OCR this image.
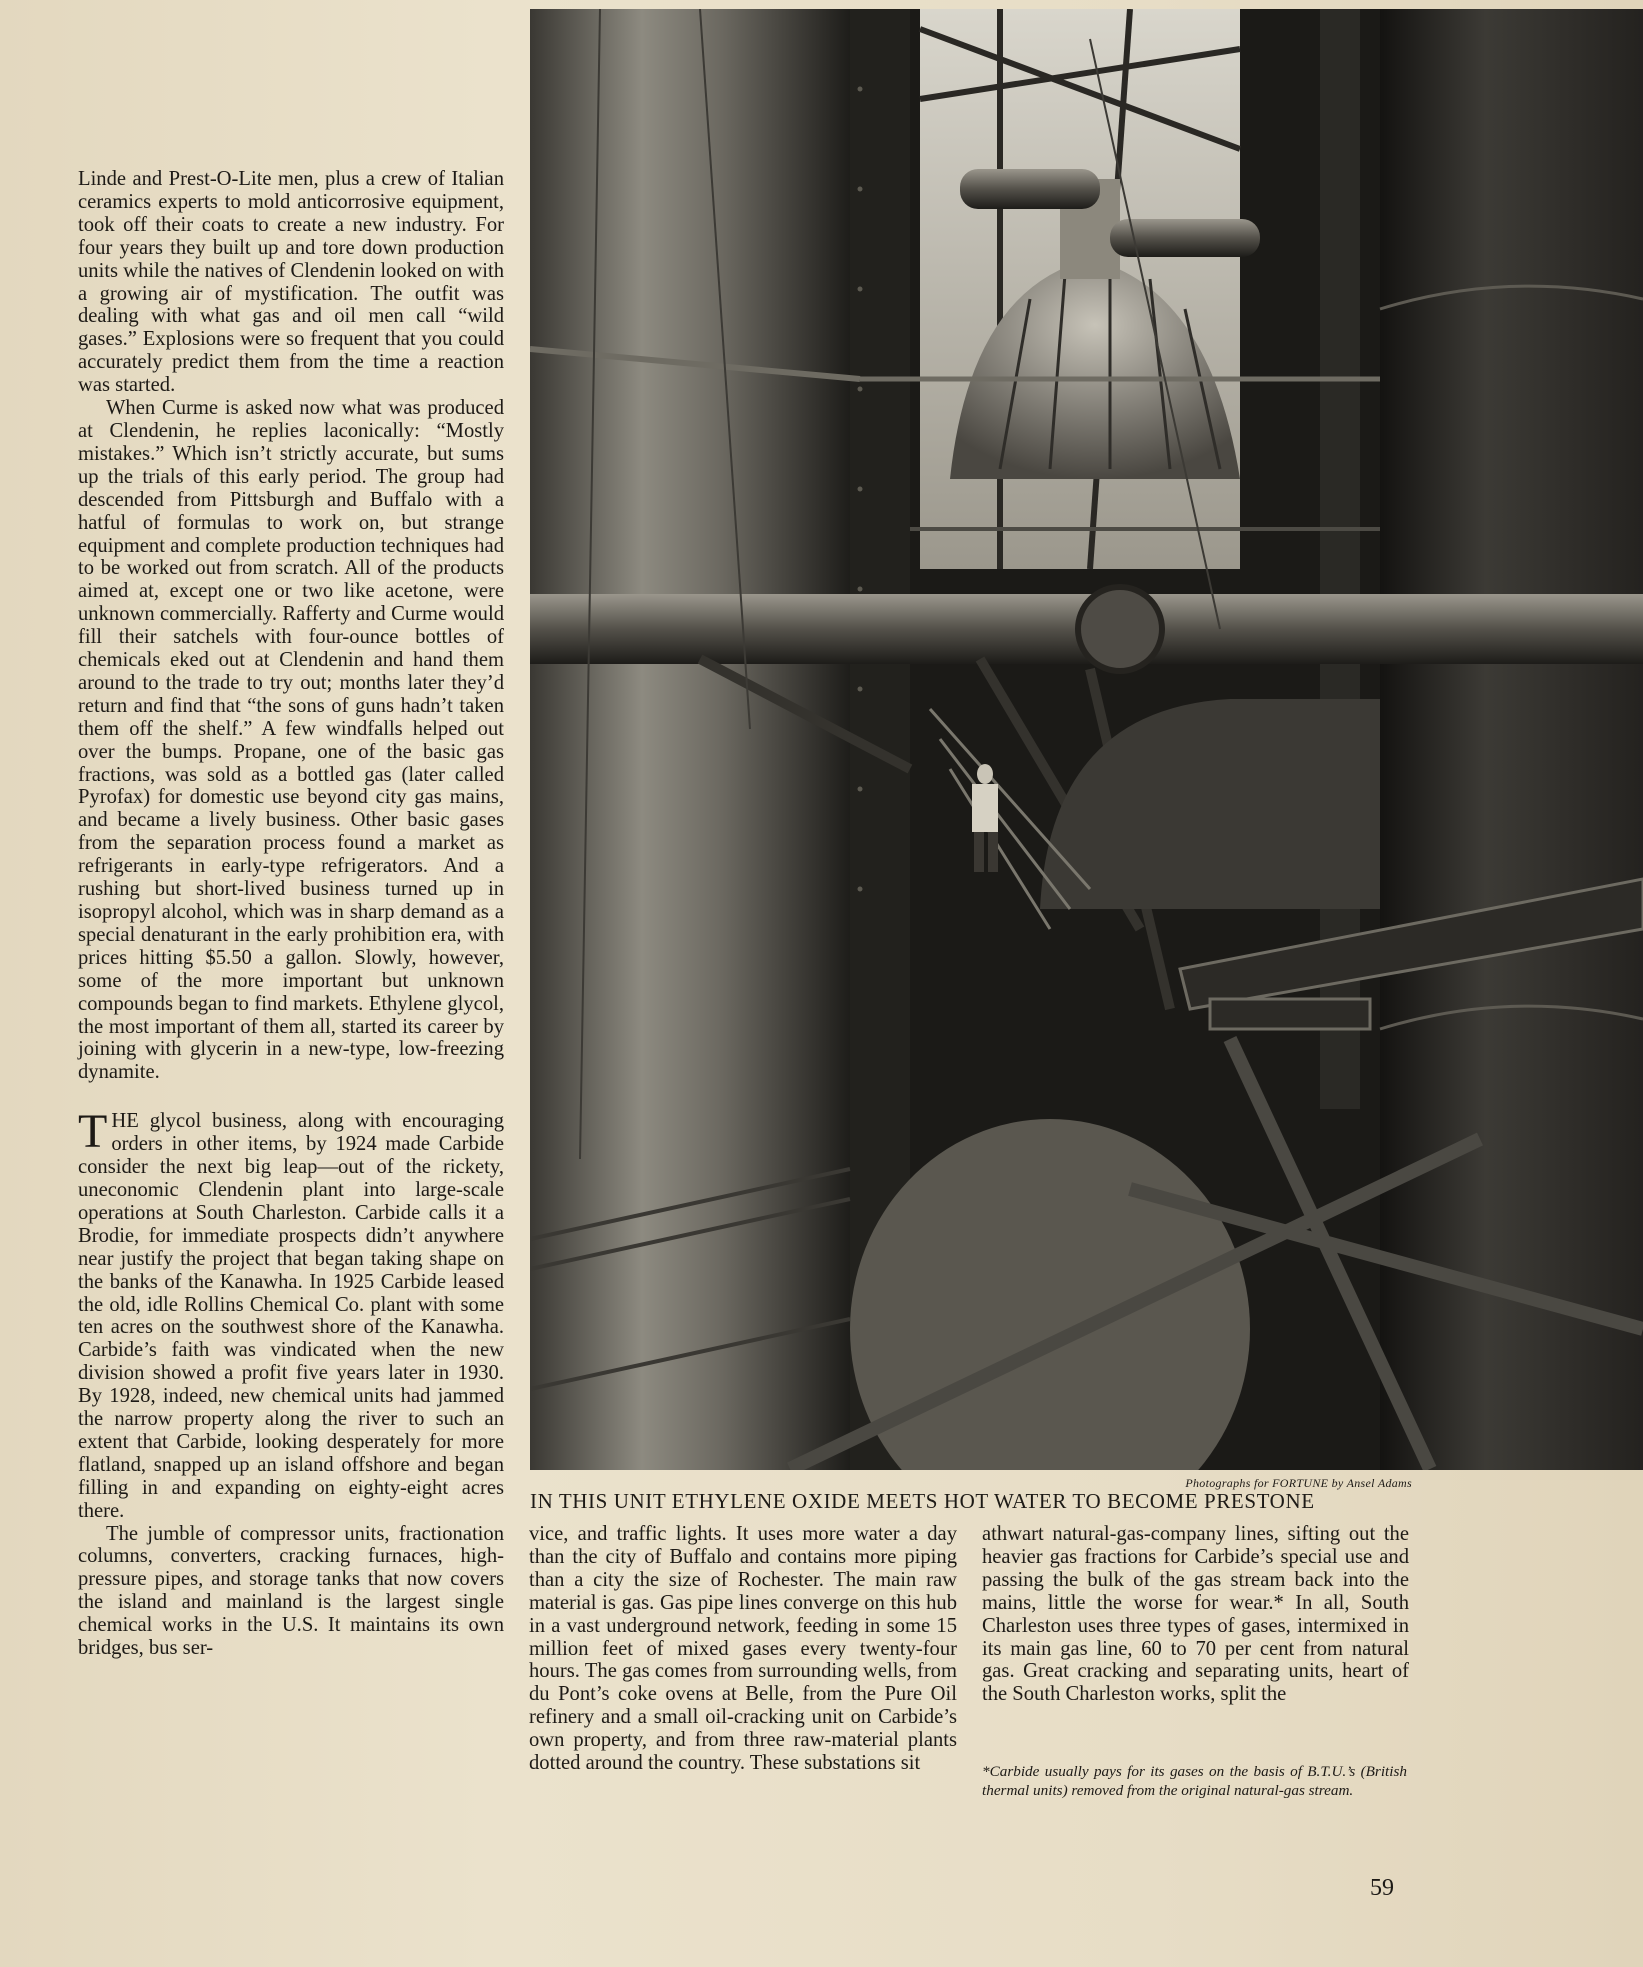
Linde and Prest-O-Lite men, plus a crew of Italian ceramics experts to mold anticorrosive equipment, took off their coats to create a new industry. For four years they built up and tore down production units while the natives of Clendenin looked on with a growing air of mystification. The outfit was dealing with what gas and oil men call “wild gases.” Explosions were so frequent that you could accurately predict them from the time a reaction was started.

When Curme is asked now what was produced at Clendenin, he replies laconically: “Mostly mistakes.” Which isn’t strictly accurate, but sums up the trials of this early period. The group had descended from Pittsburgh and Buffalo with a hatful of formulas to work on, but strange equipment and complete production techniques had to be worked out from scratch. All of the products aimed at, except one or two like acetone, were unknown commercially. Rafferty and Curme would fill their satchels with four-ounce bottles of chemicals eked out at Clendenin and hand them around to the trade to try out; months later they’d return and find that “the sons of guns hadn’t taken them off the shelf.” A few windfalls helped out over the bumps. Propane, one of the basic gas fractions, was sold as a bottled gas (later called Pyrofax) for domestic use beyond city gas mains, and became a lively business. Other basic gases from the separation process found a market as refrigerants in early-type refrigerators. And a rushing but short-lived business turned up in isopropyl alcohol, which was in sharp demand as a special denaturant in the early prohibition era, with prices hitting $5.50 a gallon. Slowly, however, some of the more important but unknown compounds began to find markets. Ethylene glycol, the most important of them all, started its career by joining with glycerin in a new-type, low-freezing dynamite.

THE glycol business, along with encouraging orders in other items, by 1924 made Carbide consider the next big leap—out of the rickety, uneconomic Clendenin plant into large-scale operations at South Charleston. Carbide calls it a Brodie, for immediate prospects didn’t anywhere near justify the project that began taking shape on the banks of the Kanawha. In 1925 Carbide leased the old, idle Rollins Chemical Co. plant with some ten acres on the southwest shore of the Kanawha. Carbide’s faith was vindicated when the new division showed a profit five years later in 1930. By 1928, indeed, new chemical units had jammed the narrow property along the river to such an extent that Carbide, looking desperately for more flatland, snapped up an island offshore and began filling in and expanding on eighty-eight acres there.

The jumble of compressor units, fractionation columns, converters, cracking furnaces, high-pressure pipes, and storage tanks that now covers the island and mainland is the largest single chemical works in the U.S. It maintains its own bridges, bus ser-

Photographs for FORTUNE by Ansel Adams
IN THIS UNIT ETHYLENE OXIDE MEETS HOT WATER TO BECOME PRESTONE

vice, and traffic lights. It uses more water a day than the city of Buffalo and contains more piping than a city the size of Rochester. The main raw material is gas. Gas pipe lines converge on this hub in a vast underground network, feeding in some 15 million feet of mixed gases every twenty-four hours. The gas comes from surrounding wells, from du Pont’s coke ovens at Belle, from the Pure Oil refinery and a small oil-cracking unit on Carbide’s own property, and from three raw-material plants dotted around the country. These substations sit

athwart natural-gas-company lines, sifting out the heavier gas fractions for Carbide’s special use and passing the bulk of the gas stream back into the mains, little the worse for wear.* In all, South Charleston uses three types of gases, intermixed in its main gas line, 60 to 70 per cent from natural gas. Great cracking and separating units, heart of the South Charleston works, split the

*Carbide usually pays for its gases on the basis of B.T.U.’s (British thermal units) removed from the original natural-gas stream.
59
